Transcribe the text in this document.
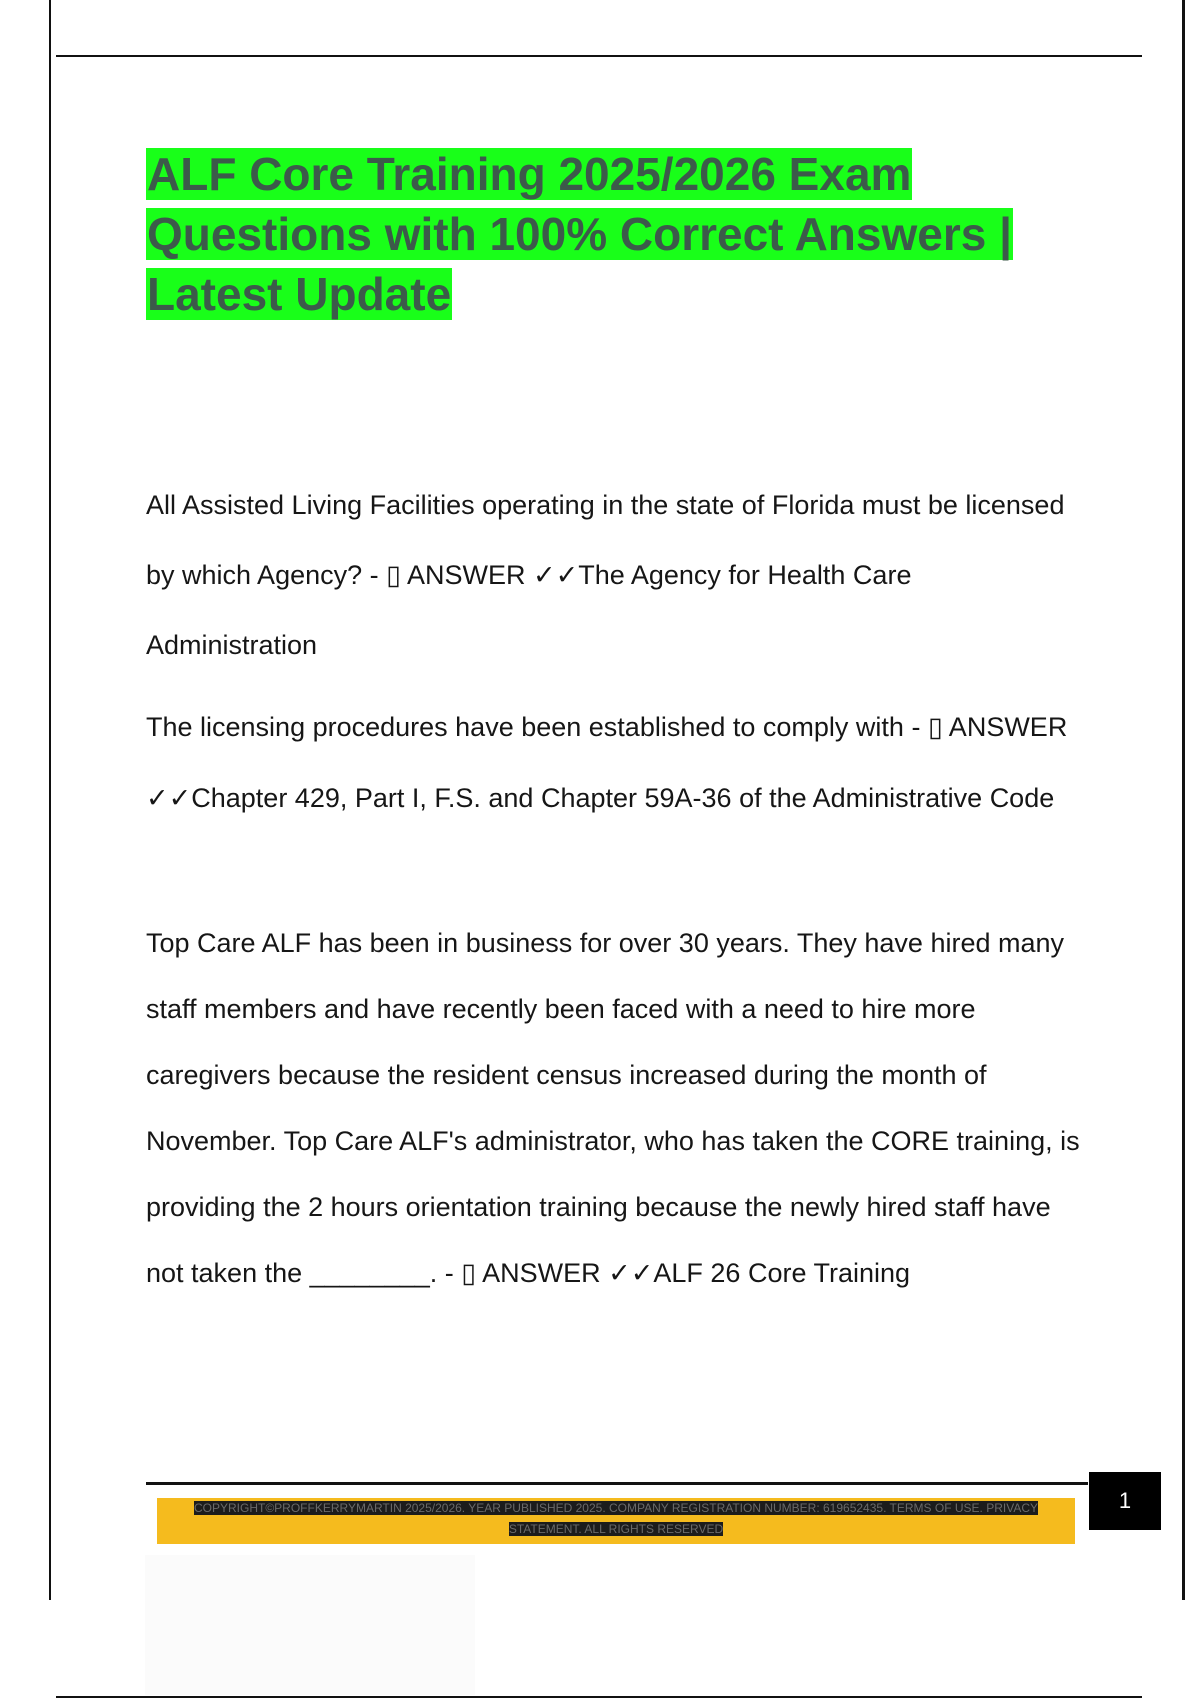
ALF Core Training 2025/2026 Exam Questions with 100% Correct Answers | Latest Update

All Assisted Living Facilities operating in the state of Florida must be licensed by which Agency? - ▯ ANSWER ✓✓The Agency for Health Care Administration

The licensing procedures have been established to comply with - ▯ ANSWER ✓✓Chapter 429, Part I, F.S. and Chapter 59A-36 of the Administrative Code

Top Care ALF has been in business for over 30 years. They have hired many staff members and have recently been faced with a need to hire more caregivers because the resident census increased during the month of November. Top Care ALF's administrator, who has taken the CORE training, is providing the 2 hours orientation training because the newly hired staff have not taken the ________. - ▯ ANSWER ✓✓ALF 26 Core Training

COPYRIGHT©PROFFKERRYMARTIN 2025/2026. YEAR PUBLISHED 2025. COMPANY REGISTRATION NUMBER: 619652435. TERMS OF USE. PRIVACY STATEMENT. ALL RIGHTS RESERVED
1
